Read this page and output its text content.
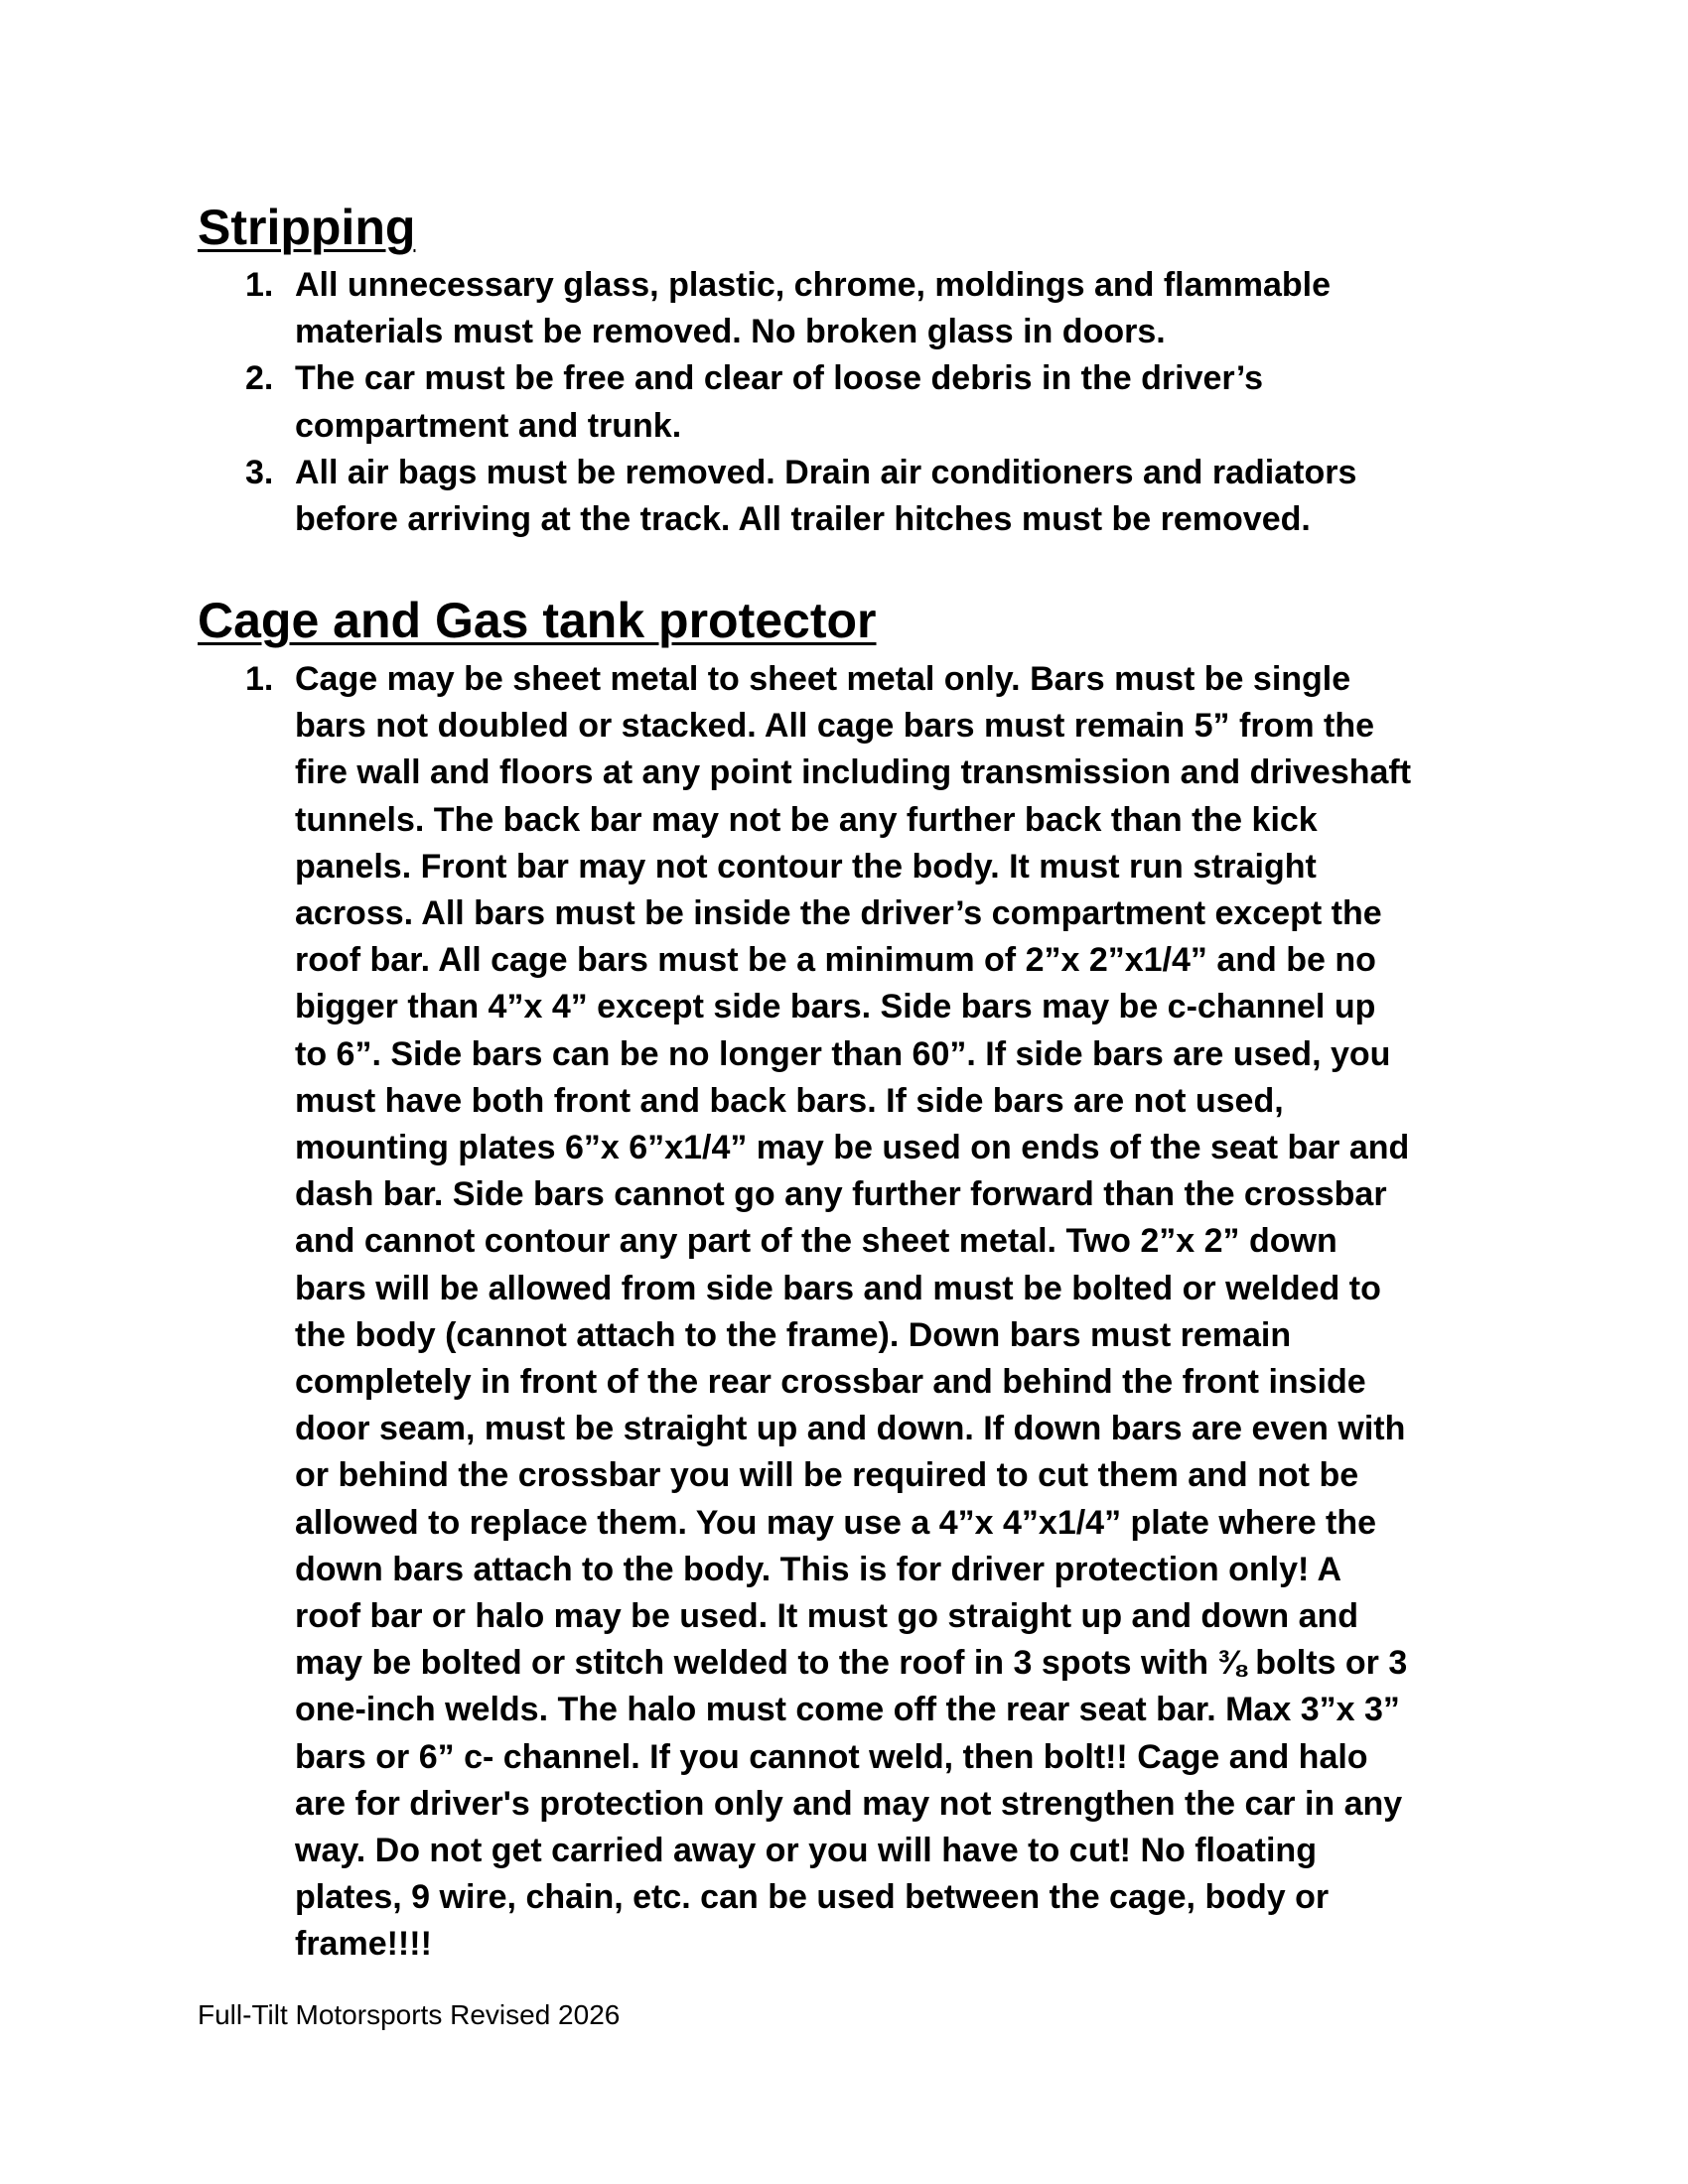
Stripping
1. All unnecessary glass, plastic, chrome, moldings and flammable
materials must be removed. No broken glass in doors.
2. The car must be free and clear of loose debris in the driver’s
compartment and trunk.
3. All air bags must be removed. Drain air conditioners and radiators
before arriving at the track. All trailer hitches must be removed.
Cage and Gas tank protector
1. Cage may be sheet metal to sheet metal only. Bars must be single
bars not doubled or stacked. All cage bars must remain 5” from the
fire wall and floors at any point including transmission and driveshaft
tunnels. The back bar may not be any further back than the kick
panels. Front bar may not contour the body. It must run straight
across. All bars must be inside the driver’s compartment except the
roof bar. All cage bars must be a minimum of 2”x 2”x1/4” and be no
bigger than 4”x 4” except side bars. Side bars may be c-channel up
to 6”. Side bars can be no longer than 60”. If side bars are used, you
must have both front and back bars. If side bars are not used,
mounting plates 6”x 6”x1/4” may be used on ends of the seat bar and
dash bar. Side bars cannot go any further forward than the crossbar
and cannot contour any part of the sheet metal. Two 2”x 2” down
bars will be allowed from side bars and must be bolted or welded to
the body (cannot attach to the frame). Down bars must remain
completely in front of the rear crossbar and behind the front inside
door seam, must be straight up and down. If down bars are even with
or behind the crossbar you will be required to cut them and not be
allowed to replace them. You may use a 4”x 4”x1/4” plate where the
down bars attach to the body. This is for driver protection only! A
roof bar or halo may be used. It must go straight up and down and
may be bolted or stitch welded to the roof in 3 spots with ⅜ bolts or 3
one-inch welds. The halo must come off the rear seat bar. Max 3”x 3”
bars or 6” c- channel. If you cannot weld, then bolt!! Cage and halo
are for driver's protection only and may not strengthen the car in any
way. Do not get carried away or you will have to cut! No floating
plates, 9 wire, chain, etc. can be used between the cage, body or
frame!!!!
Full-Tilt Motorsports Revised 2026
